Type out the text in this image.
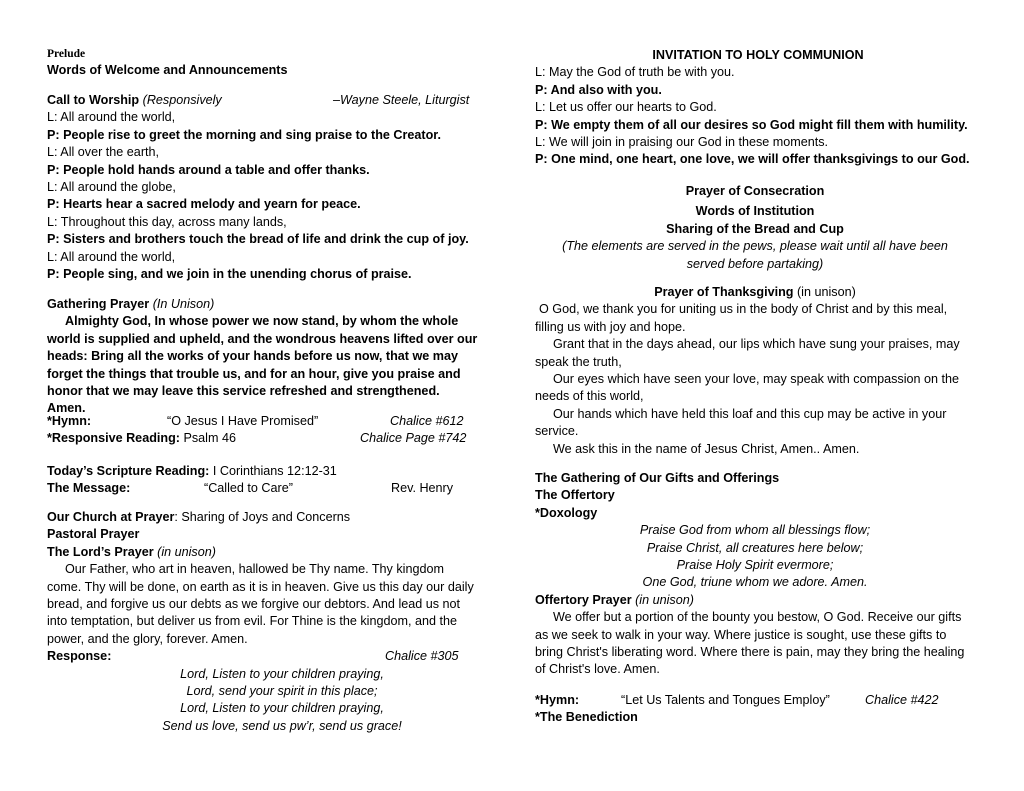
Prelude
Words of Welcome and Announcements
Call to Worship (Responsively	–Wayne Steele, Liturgist
L: All around the world,
P: People rise to greet the morning and sing praise to the Creator.
L: All over the earth,
P: People hold hands around a table and offer thanks.
L: All around the globe,
P: Hearts hear a sacred melody and yearn for peace.
L: Throughout this day, across many lands,
P: Sisters and brothers touch the bread of life and drink the cup of joy.
L: All around the world,
P: People sing, and we join in the unending chorus of praise.
Gathering Prayer (In Unison)
Almighty God, In whose power we now stand, by whom the whole world is supplied and upheld, and the wondrous heavens lifted over our heads: Bring all the works of your hands before us now, that we may forget the things that trouble us, and for an hour, give you praise and honor that we may leave this service refreshed and strengthened. Amen.
*Hymn:	“O Jesus I Have Promised”	Chalice #612
*Responsive Reading: Psalm 46	Chalice Page #742
Today’s Scripture Reading: I Corinthians 12:12-31
The Message:	“Called to Care”	Rev. Henry
Our Church at Prayer: Sharing of Joys and Concerns
Pastoral Prayer
The Lord’s Prayer (in unison)
Our Father, who art in heaven, hallowed be Thy name. Thy kingdom come. Thy will be done, on earth as it is in heaven. Give us this day our daily bread, and forgive us our debts as we forgive our debtors. And lead us not into temptation, but deliver us from evil. For Thine is the kingdom, and the power, and the glory, forever. Amen.
Response:	Chalice #305
Lord, Listen to your children praying,
Lord, send your spirit in this place;
Lord, Listen to your children praying,
Send us love, send us pw’r, send us grace!
INVITATION TO HOLY COMMUNION
L: May the God of truth be with you.
P: And also with you.
L: Let us offer our hearts to God.
P: We empty them of all our desires so God might fill them with humility.
L: We will join in praising our God in these moments.
P: One mind, one heart, one love, we will offer thanksgivings to our God.
Prayer of Consecration
Words of Institution
Sharing of the Bread and Cup
(The elements are served in the pews, please wait until all have been
served before partaking)
Prayer of Thanksgiving (in unison)
O God, we thank you for uniting us in the body of Christ and by this meal, filling us with joy and hope.
Grant that in the days ahead, our lips which have sung your praises, may speak the truth,
Our eyes which have seen your love, may speak with compassion on the needs of this world,
Our hands which have held this loaf and this cup may be active in your service.
We ask this in the name of Jesus Christ, Amen.. Amen.
The Gathering of Our Gifts and Offerings
The Offertory
*Doxology
Praise God from whom all blessings flow;
Praise Christ, all creatures here below;
Praise Holy Spirit evermore;
One God, triune whom we adore. Amen.
Offertory Prayer (in unison)
We offer but a portion of the bounty you bestow, O God. Receive our gifts as we seek to walk in your way. Where justice is sought, use these gifts to bring Christ's liberating word. Where there is pain, may they bring the healing of Christ's love. Amen.
*Hymn:	“Let Us Talents and Tongues Employ”	Chalice #422
*The Benediction
